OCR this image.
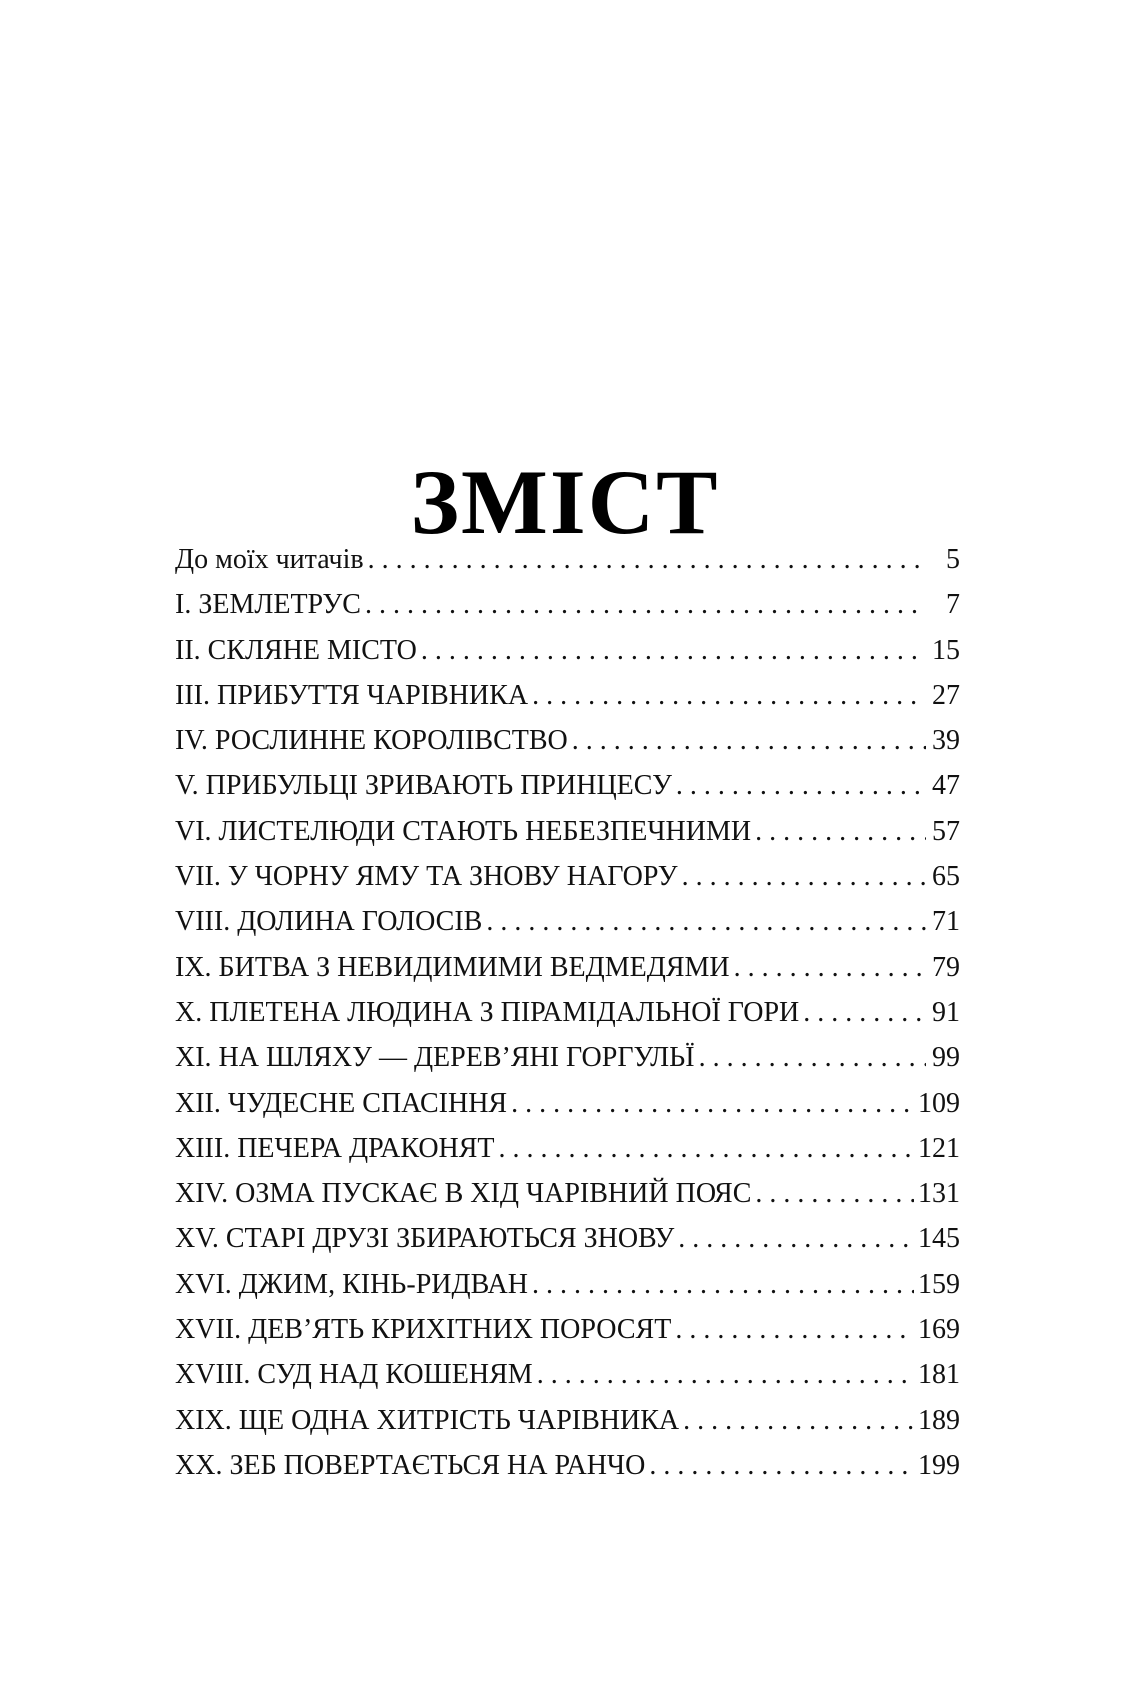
ЗМІСТ
До моїх читачів . . .	5
I. ЗЕМЛЕТРУС . . .	7
II. СКЛЯНЕ МІСТО . . .	15
III. ПРИБУТТЯ ЧАРІВНИКА . . .	27
IV. РОСЛИННЕ КОРОЛІВСТВО . . .	39
V. ПРИБУЛЬЦІ ЗРИВАЮТЬ ПРИНЦЕСУ . . .	47
VI. ЛИСТЕЛЮДИ СТАЮТЬ НЕБЕЗПЕЧНИМИ . . .	57
VII. У ЧОРНУ ЯМУ ТА ЗНОВУ НАГОРУ . . .	65
VIII. ДОЛИНА ГОЛОСІВ . . .	71
IX. БИТВА З НЕВИДИМИМИ ВЕДМЕДЯМИ . . .	79
X. ПЛЕТЕНА ЛЮДИНА З ПІРАМІДАЛЬНОЇ ГОРИ . . .	91
XI. НА ШЛЯХУ — ДЕРЕВ’ЯНІ ГОРГУЛЬЇ . . .	99
XII. ЧУДЕСНЕ СПАСІННЯ . . .	109
XIII. ПЕЧЕРА ДРАКОНЯТ . . .	121
XIV. ОЗМА ПУСКАЄ В ХІД ЧАРІВНИЙ ПОЯС . . .	131
XV. СТАРІ ДРУЗІ ЗБИРАЮТЬСЯ ЗНОВУ . . .	145
XVI. ДЖИМ, КІНЬ-РИДВАН . . .	159
XVII. ДЕВ’ЯТЬ КРИХІТНИХ ПОРОСЯТ . . .	169
XVIII. СУД НАД КОШЕНЯМ . . .	181
XIX. ЩЕ ОДНА ХИТРІСТЬ ЧАРІВНИКА . . .	189
XX. ЗЕБ ПОВЕРТАЄТЬСЯ НА РАНЧО . . .	199
